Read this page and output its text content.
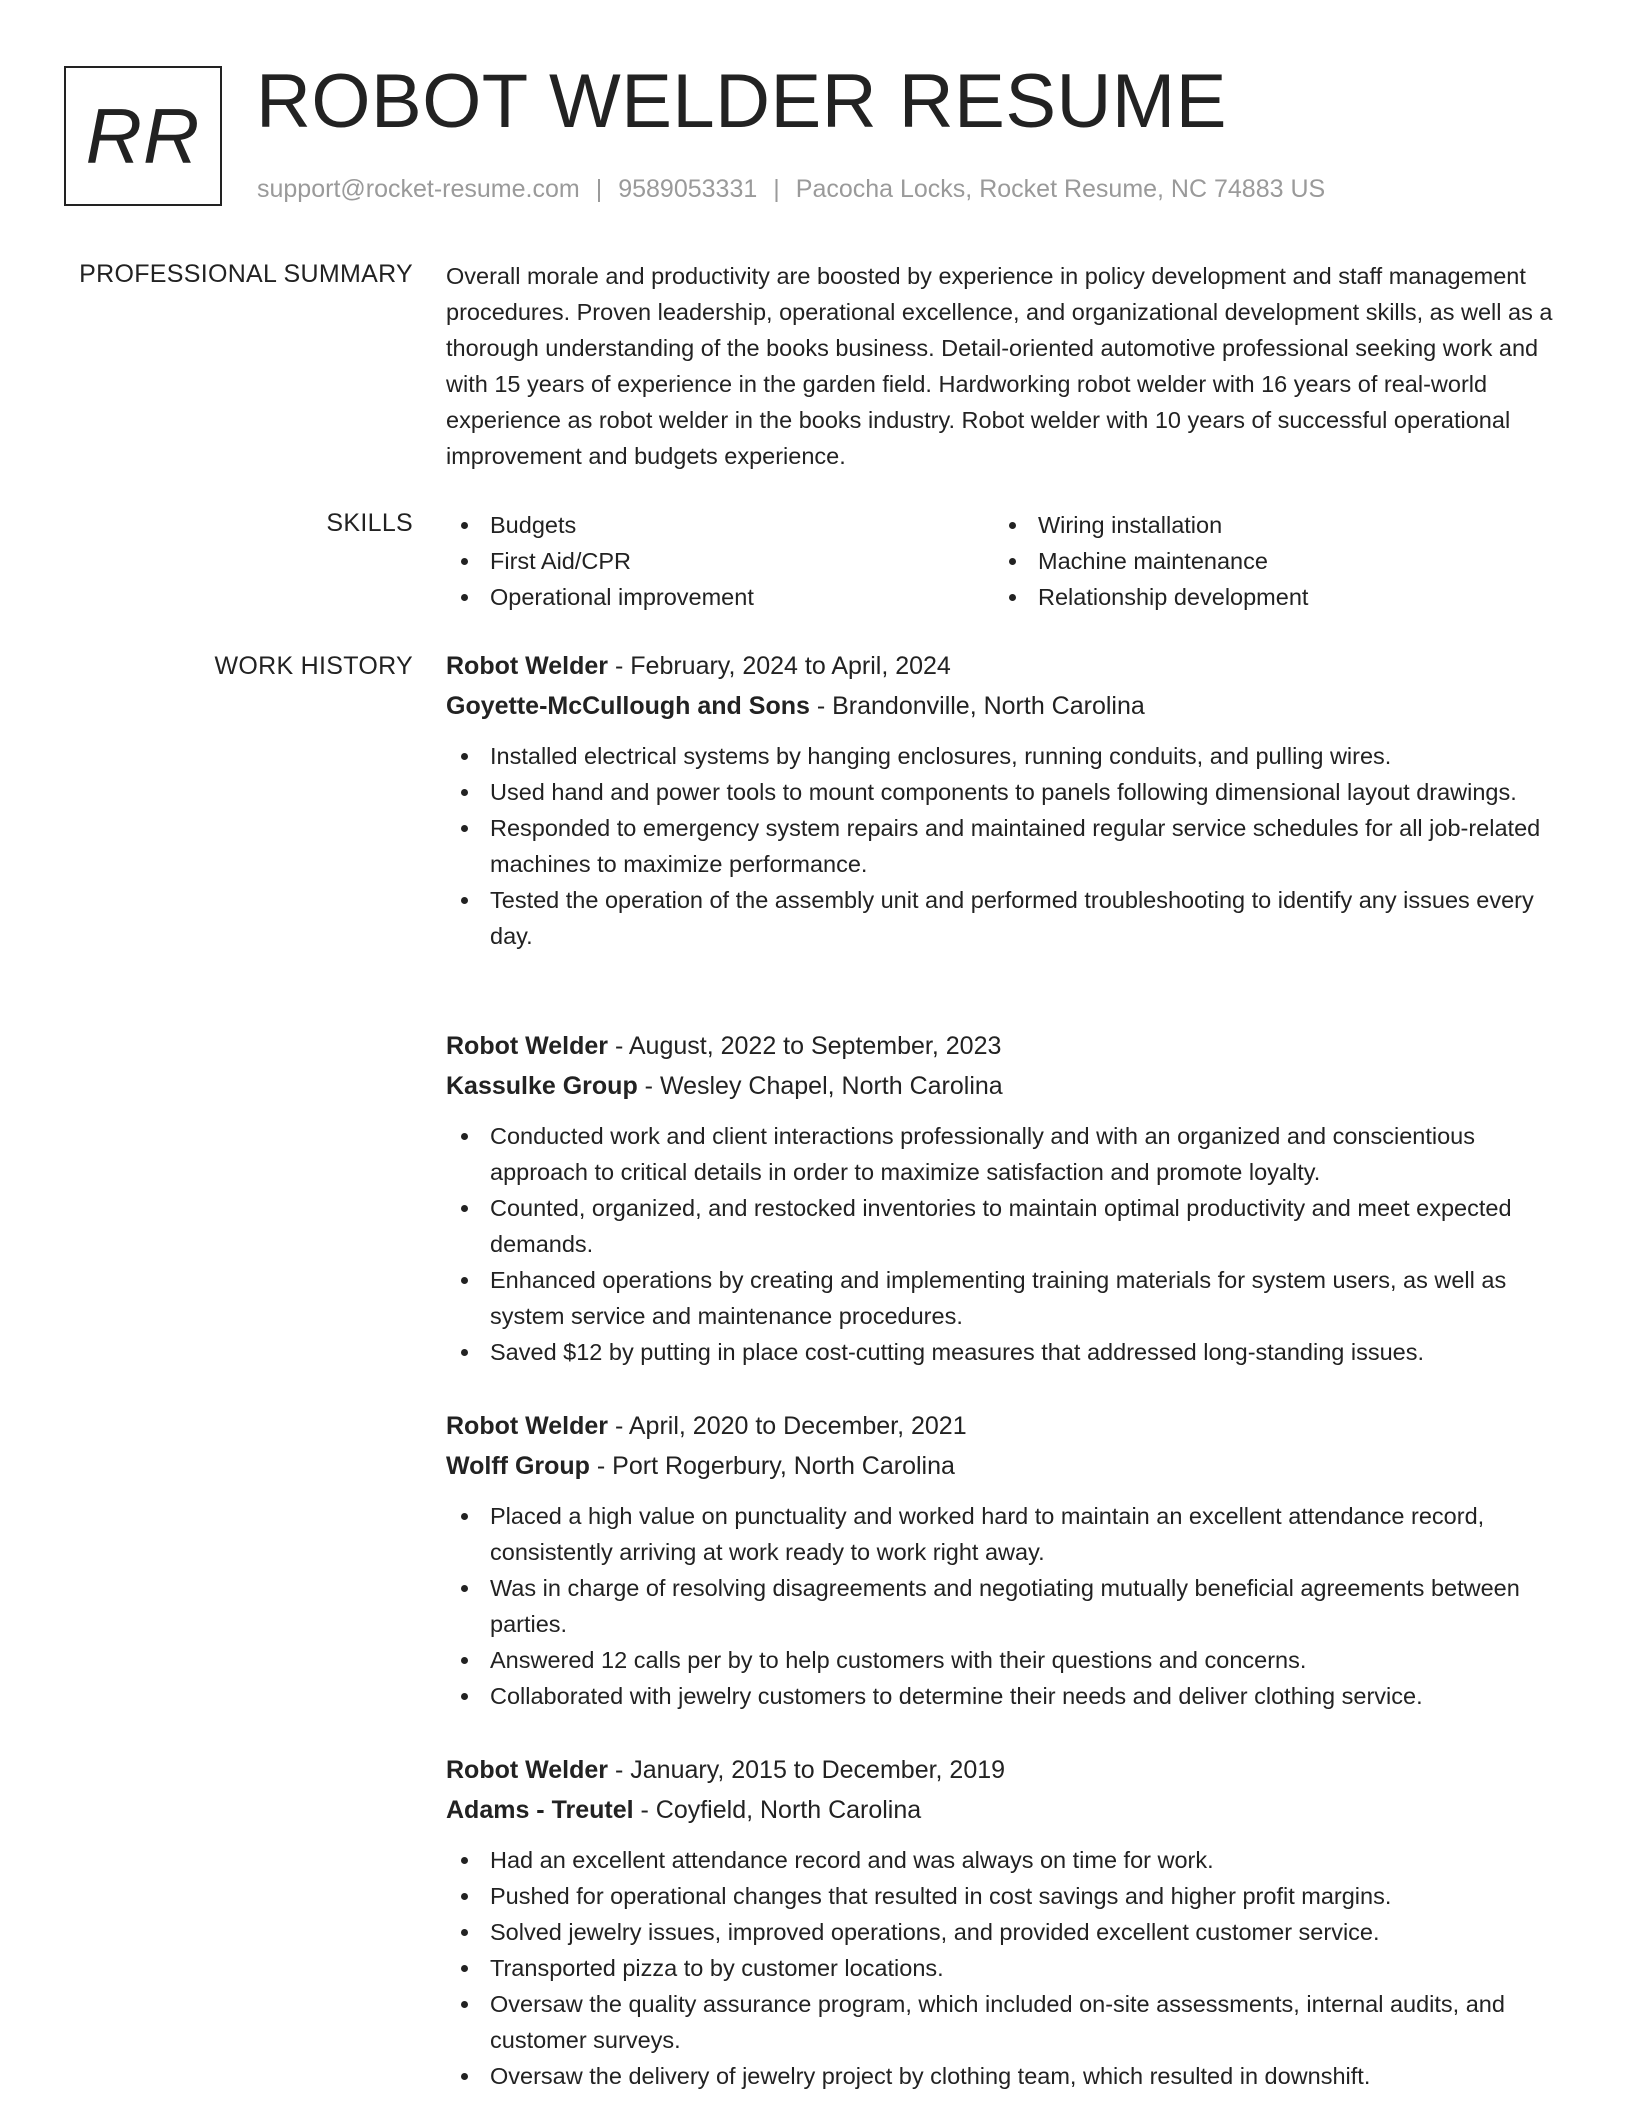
RR ROBOT WELDER RESUME
support@rocket-resume.com | 9589053331 | Pacocha Locks, Rocket Resume, NC 74883 US
PROFESSIONAL SUMMARY Overall morale and productivity are boosted by experience in policy development and staff management procedures. Proven leadership, operational excellence, and organizational development skills, as well as a thorough understanding of the books business. Detail-oriented automotive professional seeking work and with 15 years of experience in the garden field. Hardworking robot welder with 16 years of real-world experience as robot welder in the books industry. Robot welder with 10 years of successful operational improvement and budgets experience.

SKILLS	Budgets
First Aid/CPR
Operational improvement
Wiring installation
Machine maintenance
Relationship development
WORK HISTORY Robot Welder - February, 2024 to April, 2024
Goyette-McCullough and Sons - Brandonville, North Carolina
Installed electrical systems by hanging enclosures, running conduits, and pulling wires.
Used hand and power tools to mount components to panels following dimensional layout drawings.
Responded to emergency system repairs and maintained regular service schedules for all job-related machines to maximize performance.
Tested the operation of the assembly unit and performed troubleshooting to identify any issues every day.
Robot Welder - August, 2022 to September, 2023
Kassulke Group - Wesley Chapel, North Carolina
Conducted work and client interactions professionally and with an organized and conscientious approach to critical details in order to maximize satisfaction and promote loyalty.
Counted, organized, and restocked inventories to maintain optimal productivity and meet expected demands.
Enhanced operations by creating and implementing training materials for system users, as well as system service and maintenance procedures.
Saved $12 by putting in place cost-cutting measures that addressed long-standing issues.
Robot Welder - April, 2020 to December, 2021
Wolff Group - Port Rogerbury, North Carolina
Placed a high value on punctuality and worked hard to maintain an excellent attendance record, consistently arriving at work ready to work right away.
Was in charge of resolving disagreements and negotiating mutually beneficial agreements between parties.
Answered 12 calls per by to help customers with their questions and concerns.
Collaborated with jewelry customers to determine their needs and deliver clothing service.
Robot Welder - January, 2015 to December, 2019
Adams - Treutel - Coyfield, North Carolina
Had an excellent attendance record and was always on time for work.
Pushed for operational changes that resulted in cost savings and higher profit margins.
Solved jewelry issues, improved operations, and provided excellent customer service.
Transported pizza to by customer locations.
Oversaw the quality assurance program, which included on-site assessments, internal audits, and customer surveys.
Oversaw the delivery of jewelry project by clothing team, which resulted in downshift.
